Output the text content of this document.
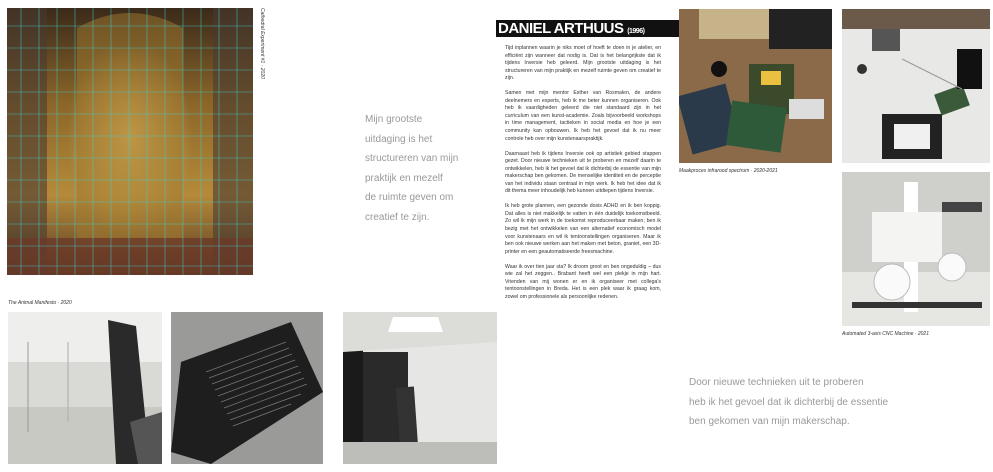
Cathedral Experiment #1 · 2020
Mijn grootste
uitdaging is het
structureren van mijn
praktijk en mezelf
de ruimte geven om
creatief te zijn.
The Animal Manifesto · 2020
DANIEL ARTHUUS (1996)

Tijd inplannen waarin je niks moet of hoeft te doen in je atelier, en efficiënt zijn wanneer dat nodig is. Dat is het belangrijkste dat ik tijdens Inversie heb geleerd. Mijn grootste uitdaging is het structureren van mijn praktijk en mezelf ruimte geven om creatief te zijn.

Samen met mijn mentor Esther van Rosmalen, de andere deelnemers en experts, heb ik me beter kunnen organiseren. Ook heb ik vaardigheden geleerd die niet standaard zijn in het curriculum van een kunst-academie. Zoals bijvoorbeeld workshops in time management, tactieken in social media en hoe je een community kan opbouwen. Ik heb het gevoel dat ik nu meer controle heb over mijn kunstenaarspraktijk.

Daarnaast heb ik tijdens Inversie ook op artistiek gebied stappen gezet. Door nieuwe technieken uit te proberen en mezelf daarin te ontwikkelen, heb ik het gevoel dat ik dichterbij de essentie van mijn makerschap ben gekomen. De menselijke identiteit en de perceptie van het individu staan centraal in mijn werk. Ik heb het idee dat ik dit thema meer inhoudelijk heb kunnen uitdiepen tijdens Inversie.

Ik heb grote plannen, een gezonde dosis ADHD en ik ben koppig. Dat alles is niet makkelijk te vatten in één duidelijk toekomstbeeld. Zo wil ik mijn werk in de toekomst reproduceerbaar maken; ben ik bezig met het ontwikkelen van een alternatief economisch model voor kunstenaars en wil ik tentoonstellingen organiseren. Maar ik ben ook nieuwe werken aan het maken met beton, graniet, een 3D-printer en een geautomatiseerde freesmachine.

Waar ik over tien jaar sta? Ik droom groot en ben ongeduldig – dus wie zal het zeggen.. Brabant heeft wel een plekje in mijn hart. Vrienden van mij wonen er en ik organiseer met collega's tentoonstellingen in Breda. Het is een plek waar ik graag kom, zowel om professionele als persoonlijke redenen.

Maakproces infrarood spectrum · 2020-2021
Automated 3-axis CNC Machine · 2021
Door nieuwe technieken uit te proberen
heb ik het gevoel dat ik dichterbij de essentie
ben gekomen van mijn makerschap.
